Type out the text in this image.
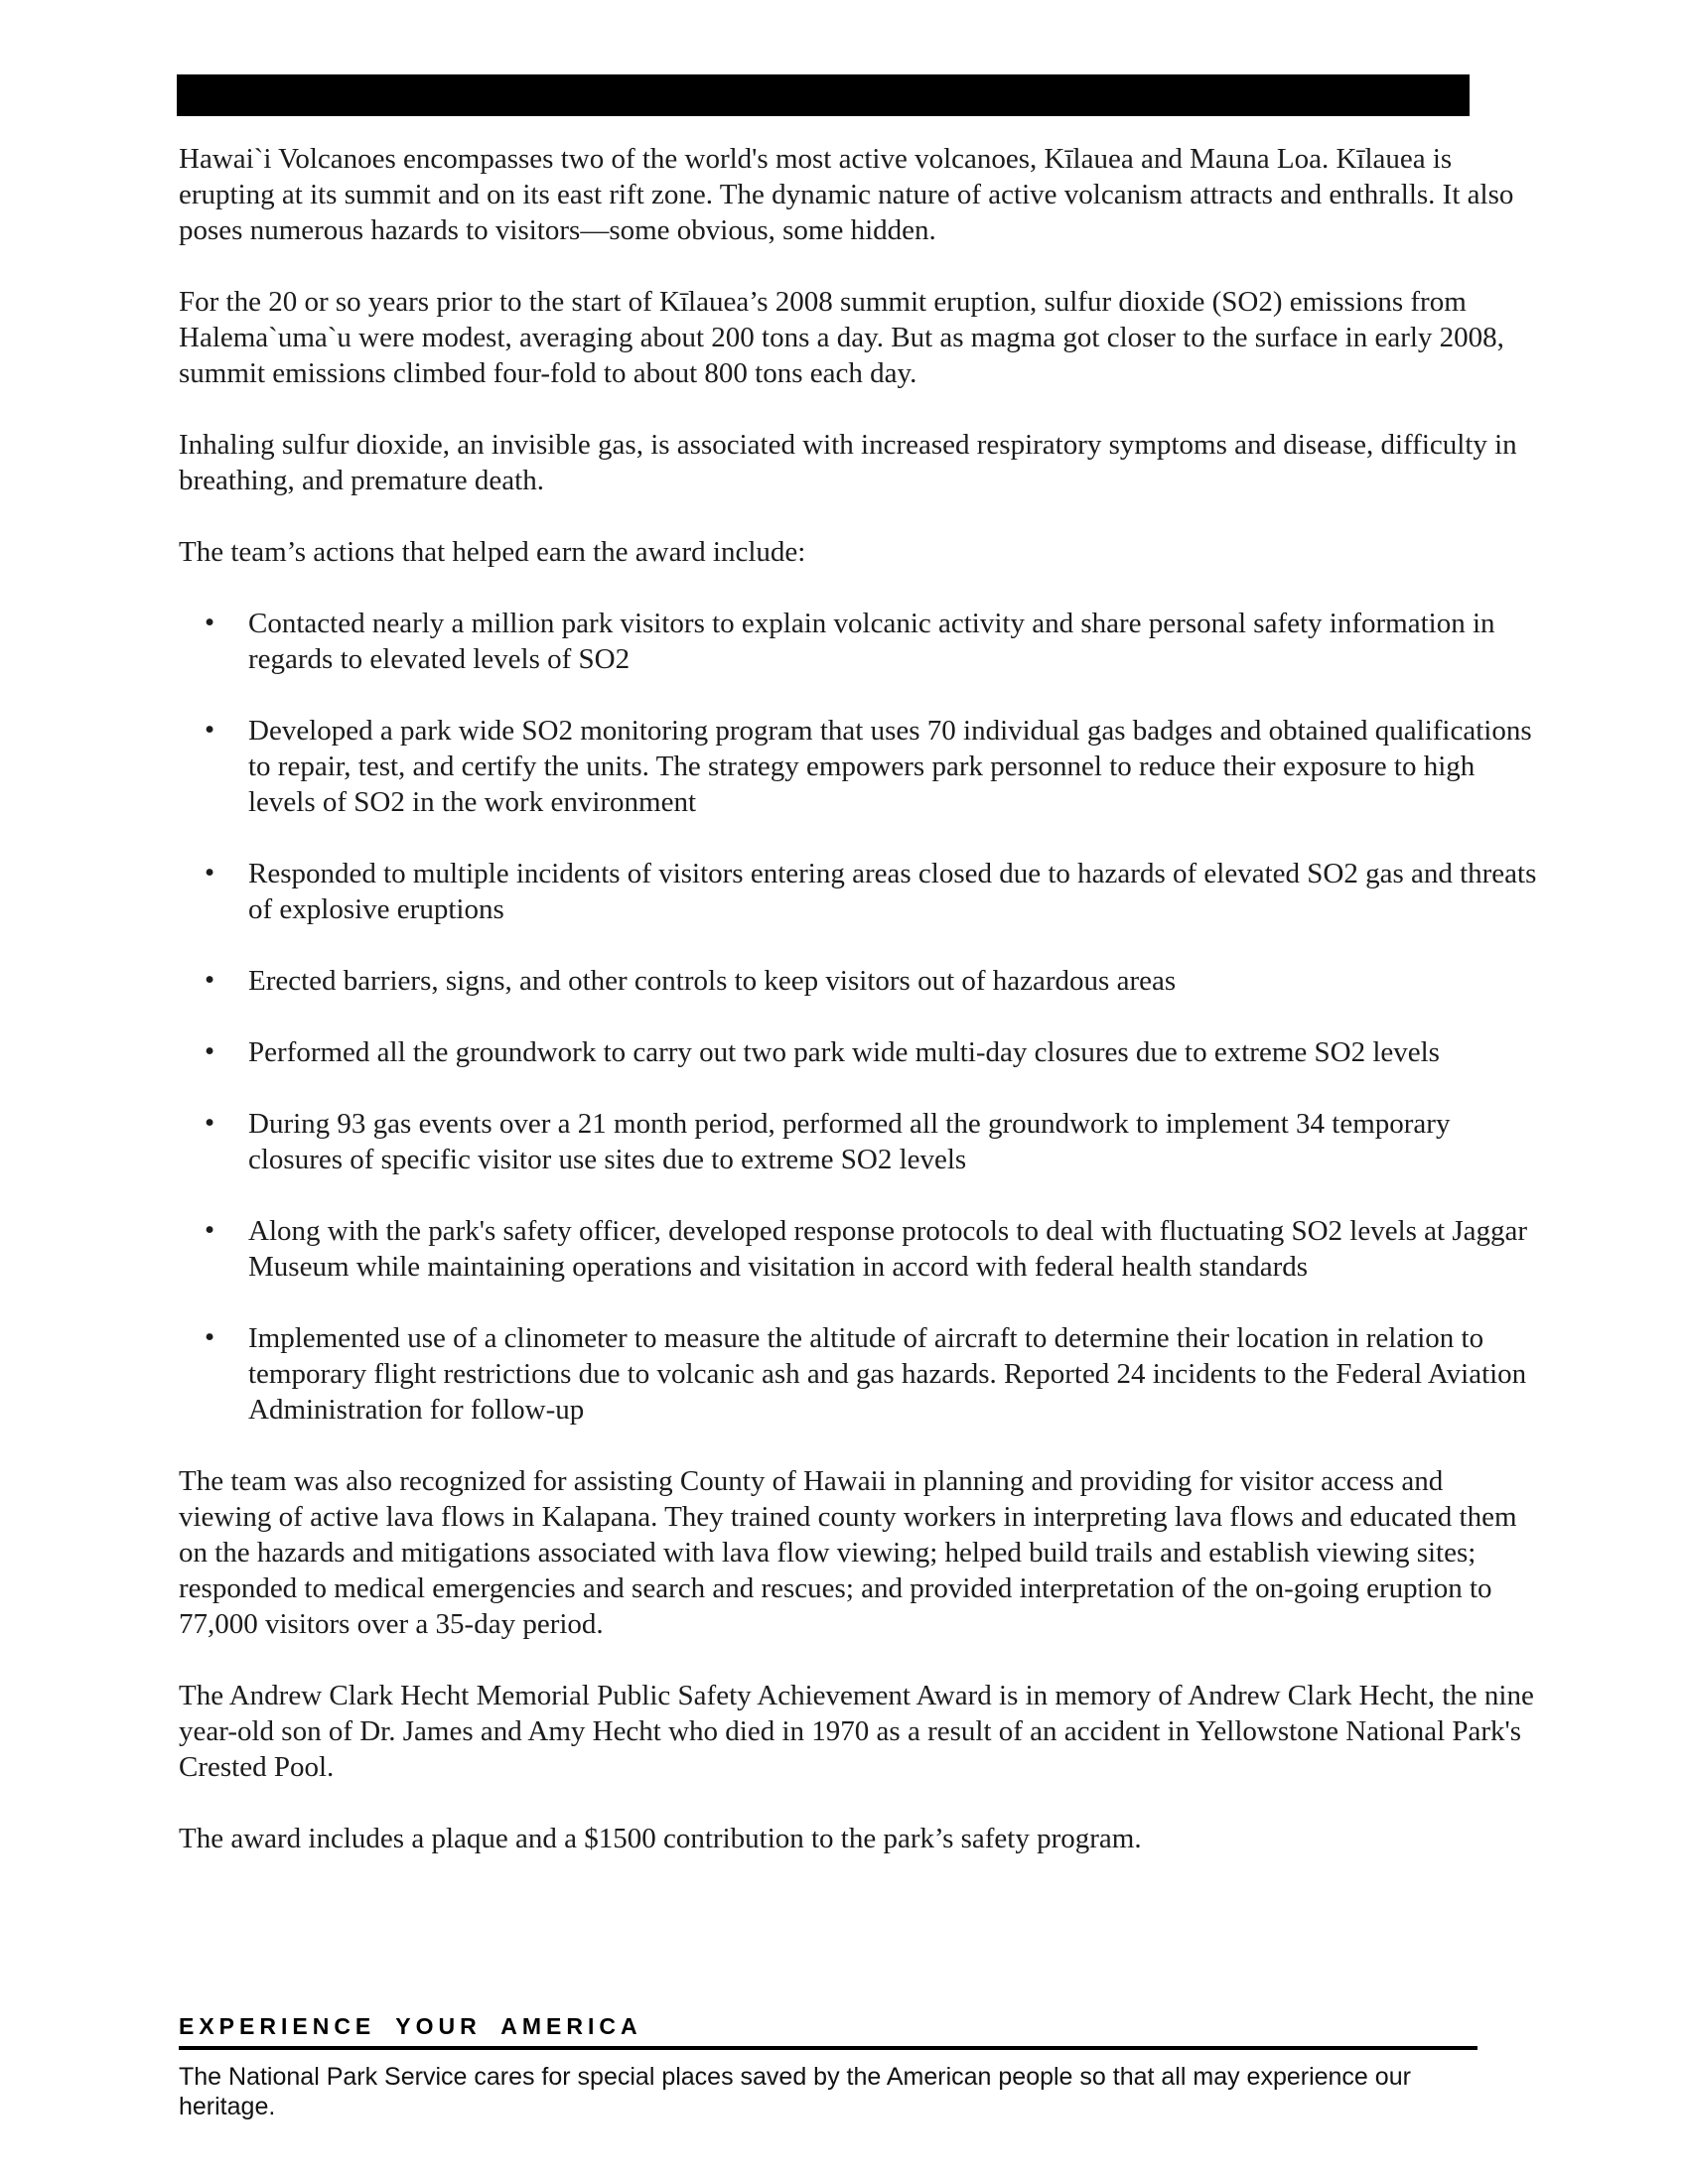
Hawai`i Volcanoes encompasses two of the world's most active volcanoes, Kīlauea and Mauna Loa. Kīlauea is erupting at its summit and on its east rift zone. The dynamic nature of active volcanism attracts and enthralls. It also poses numerous hazards to visitors—some obvious, some hidden.

For the 20 or so years prior to the start of Kīlauea’s 2008 summit eruption, sulfur dioxide (SO2) emissions from Halema`uma`u were modest, averaging about 200 tons a day. But as magma got closer to the surface in early 2008, summit emissions climbed four-fold to about 800 tons each day.

Inhaling sulfur dioxide, an invisible gas, is associated with increased respiratory symptoms and disease, difficulty in breathing, and premature death.

The team’s actions that helped earn the award include:

• Contacted nearly a million park visitors to explain volcanic activity and share personal safety information in regards to elevated levels of SO2
• Developed a park wide SO2 monitoring program that uses 70 individual gas badges and obtained qualifications to repair, test, and certify the units. The strategy empowers park personnel to reduce their exposure to high levels of SO2 in the work environment
• Responded to multiple incidents of visitors entering areas closed due to hazards of elevated SO2 gas and threats of explosive eruptions
• Erected barriers, signs, and other controls to keep visitors out of hazardous areas
• Performed all the groundwork to carry out two park wide multi-day closures due to extreme SO2 levels
• During 93 gas events over a 21 month period, performed all the groundwork to implement 34 temporary closures of specific visitor use sites due to extreme SO2 levels
• Along with the park's safety officer, developed response protocols to deal with fluctuating SO2 levels at Jaggar Museum while maintaining operations and visitation in accord with federal health standards
• Implemented use of a clinometer to measure the altitude of aircraft to determine their location in relation to temporary flight restrictions due to volcanic ash and gas hazards. Reported 24 incidents to the Federal Aviation Administration for follow-up

The team was also recognized for assisting County of Hawaii in planning and providing for visitor access and viewing of active lava flows in Kalapana. They trained county workers in interpreting lava flows and educated them on the hazards and mitigations associated with lava flow viewing; helped build trails and establish viewing sites; responded to medical emergencies and search and rescues; and provided interpretation of the on-going eruption to 77,000 visitors over a 35-day period.

The Andrew Clark Hecht Memorial Public Safety Achievement Award is in memory of Andrew Clark Hecht, the nine year-old son of Dr. James and Amy Hecht who died in 1970 as a result of an accident in Yellowstone National Park's Crested Pool.

The award includes a plaque and a $1500 contribution to the park’s safety program.

EXPERIENCE YOUR AMERICA
The National Park Service cares for special places saved by the American people so that all may experience our heritage.
